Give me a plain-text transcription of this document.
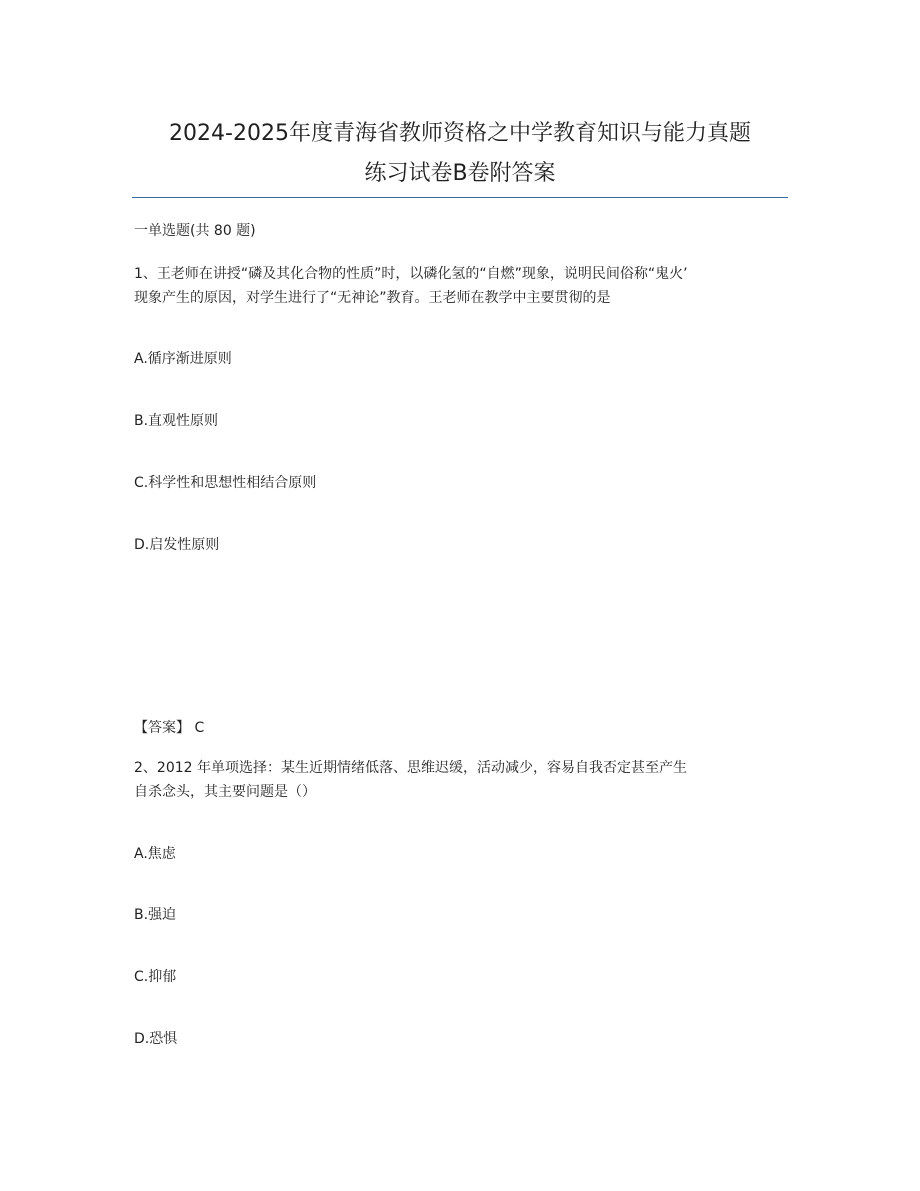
2024-2025年度青海省教师资格之中学教育知识与能力真题
练习试卷B卷附答案
一单选题(共 80 题)
1、王老师在讲授“磷及其化合物的性质”时，以磷化氢的“自燃”现象，说明民间俗称“鬼火’
现象产生的原因，对学生进行了“无神论”教育。王老师在教学中主要贯彻的是
A.循序渐进原则
B.直观性原则
C.科学性和思想性相结合原则
D.启发性原则
【答案】 C
2、2012 年单项选择：某生近期情绪低落、思维迟缓，活动减少，容易自我否定甚至产生
自杀念头，其主要问题是（）
A.焦虑
B.强迫
C.抑郁
D.恐惧
